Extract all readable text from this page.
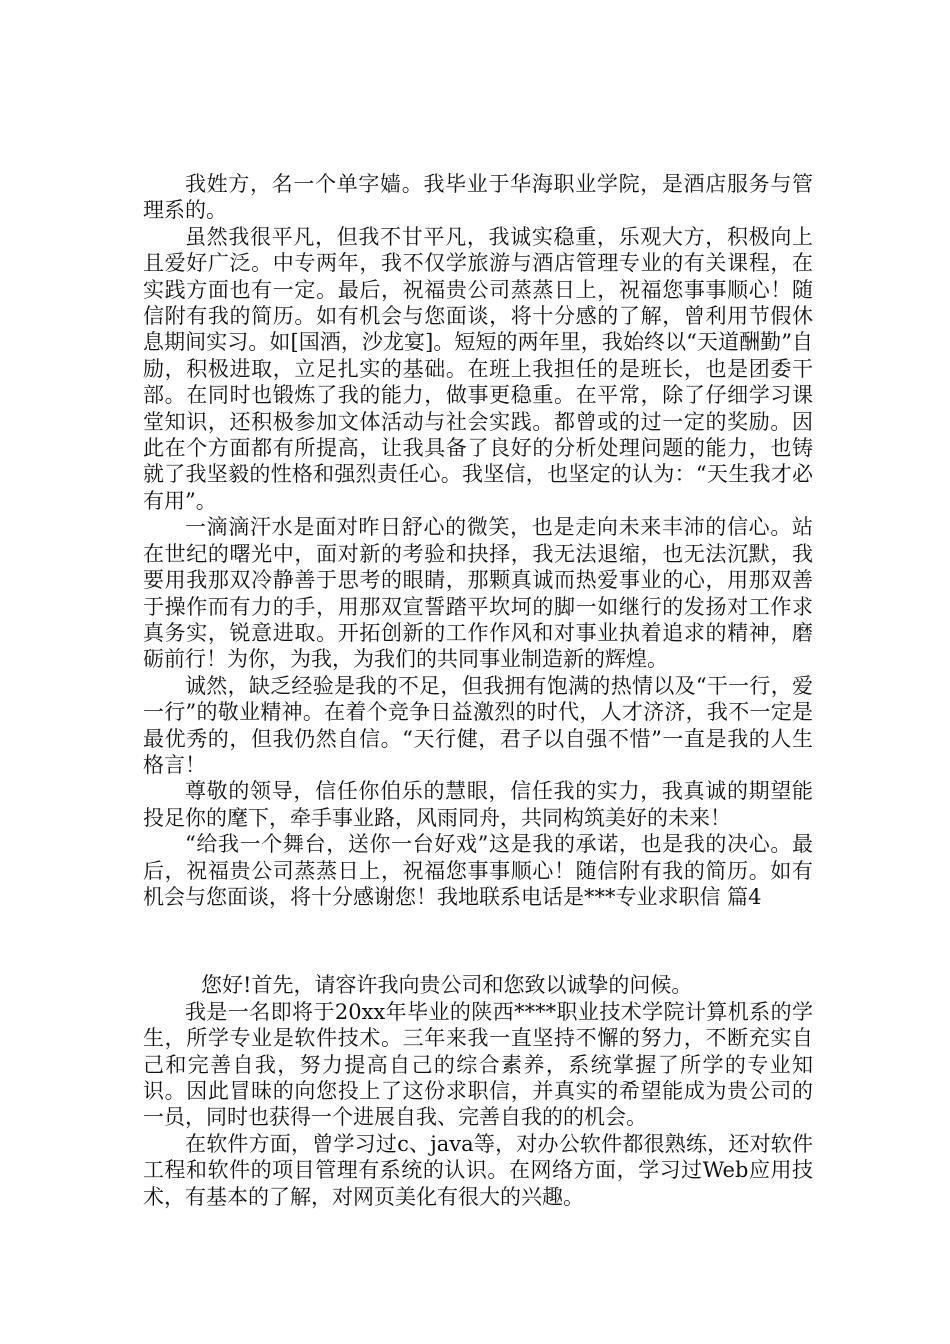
我姓方，名一个单字嫱。我毕业于华海职业学院，是酒店服务与管理系的。

虽然我很平凡，但我不甘平凡，我诚实稳重，乐观大方，积极向上且爱好广泛。中专两年，我不仅学旅游与酒店管理专业的有关课程，在实践方面也有一定。最后，祝福贵公司蒸蒸日上，祝福您事事顺心！随信附有我的简历。如有机会与您面谈，将十分感的了解，曾利用节假休息期间实习。如[国酒，沙龙宴]。短短的两年里，我始终以“天道酬勤”自励，积极进取，立足扎实的基础。在班上我担任的是班长，也是团委干部。在同时也锻炼了我的能力，做事更稳重。在平常，除了仔细学习课堂知识，还积极参加文体活动与社会实践。都曾或的过一定的奖励。因此在个方面都有所提高，让我具备了良好的分析处理问题的能力，也铸就了我坚毅的性格和强烈责任心。我坚信，也坚定的认为：“天生我才必有用”。

一滴滴汗水是面对昨日舒心的微笑，也是走向未来丰沛的信心。站在世纪的曙光中，面对新的考验和抉择，我无法退缩，也无法沉默，我要用我那双冷静善于思考的眼睛，那颗真诚而热爱事业的心，用那双善于操作而有力的手，用那双宣誓踏平坎坷的脚一如继行的发扬对工作求真务实，锐意进取。开拓创新的工作作风和对事业执着追求的精神，磨砺前行！为你，为我，为我们的共同事业制造新的辉煌。

诚然，缺乏经验是我的不足，但我拥有饱满的热情以及“干一行，爱一行”的敬业精神。在着个竞争日益激烈的时代，人才济济，我不一定是最优秀的，但我仍然自信。“天行健，君子以自强不惜”一直是我的人生格言！

尊敬的领导，信任你伯乐的慧眼，信任我的实力，我真诚的期望能投足你的麾下，牵手事业路，风雨同舟，共同构筑美好的未来！

“给我一个舞台，送你一台好戏”这是我的承诺，也是我的决心。最后，祝福贵公司蒸蒸日上，祝福您事事顺心！随信附有我的简历。如有机会与您面谈，将十分感谢您！我地联系电话是***专业求职信 篇4

您好!首先，请容许我向贵公司和您致以诚挚的问候。

我是一名即将于20xx年毕业的陕西****职业技术学院计算机系的学生，所学专业是软件技术。三年来我一直坚持不懈的努力，不断充实自己和完善自我，努力提高自己的综合素养，系统掌握了所学的专业知识。因此冒昧的向您投上了这份求职信，并真实的希望能成为贵公司的一员，同时也获得一个进展自我、完善自我的的机会。

在软件方面，曾学习过c、java等，对办公软件都很熟练，还对软件工程和软件的项目管理有系统的认识。在网络方面，学习过Web应用技术，有基本的了解，对网页美化有很大的兴趣。
